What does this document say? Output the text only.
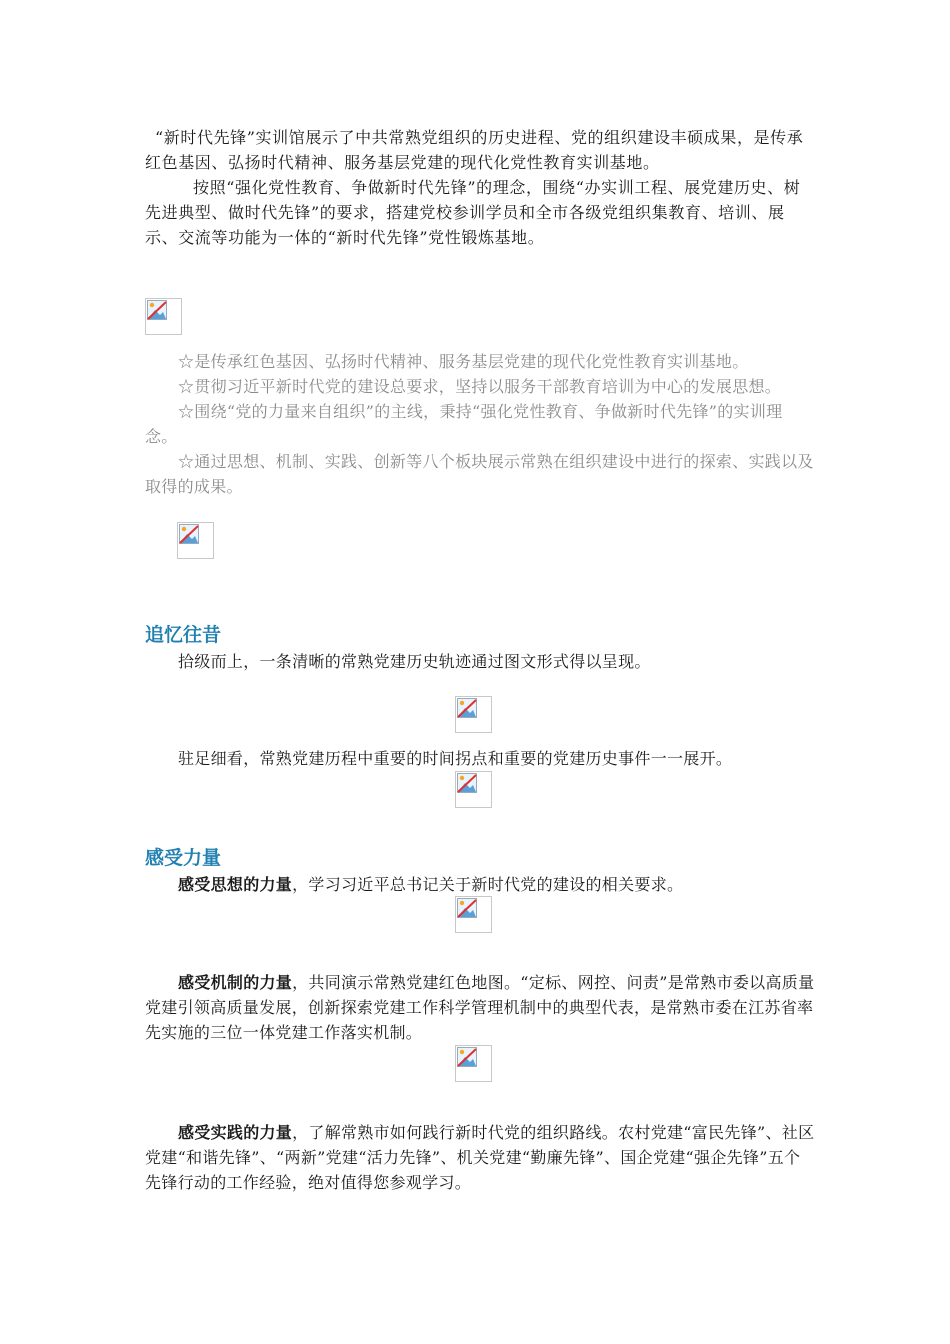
“新时代先锋”实训馆展示了中共常熟党组织的历史进程、党的组织建设丰硕成果，是传承红色基因、弘扬时代精神、服务基层党建的现代化党性教育实训基地。

按照“强化党性教育、争做新时代先锋”的理念，围绕“办实训工程、展党建历史、树先进典型、做时代先锋”的要求，搭建党校参训学员和全市各级党组织集教育、培训、展示、交流等功能为一体的“新时代先锋”党性锻炼基地。

☆是传承红色基因、弘扬时代精神、服务基层党建的现代化党性教育实训基地。

☆贯彻习近平新时代党的建设总要求，坚持以服务干部教育培训为中心的发展思想。

☆围绕“党的力量来自组织”的主线，秉持“强化党性教育、争做新时代先锋”的实训理念。

☆通过思想、机制、实践、创新等八个板块展示常熟在组织建设中进行的探索、实践以及取得的成果。

追忆往昔

拾级而上，一条清晰的常熟党建历史轨迹通过图文形式得以呈现。

驻足细看，常熟党建历程中重要的时间拐点和重要的党建历史事件一一展开。

感受力量

感受思想的力量，学习习近平总书记关于新时代党的建设的相关要求。

感受机制的力量，共同演示常熟党建红色地图。“定标、网控、问责”是常熟市委以高质量党建引领高质量发展，创新探索党建工作科学管理机制中的典型代表，是常熟市委在江苏省率先实施的三位一体党建工作落实机制。

感受实践的力量，了解常熟市如何践行新时代党的组织路线。农村党建“富民先锋”、社区党建“和谐先锋”、“两新”党建“活力先锋”、机关党建“勤廉先锋”、国企党建“强企先锋”五个先锋行动的工作经验，绝对值得您参观学习。
